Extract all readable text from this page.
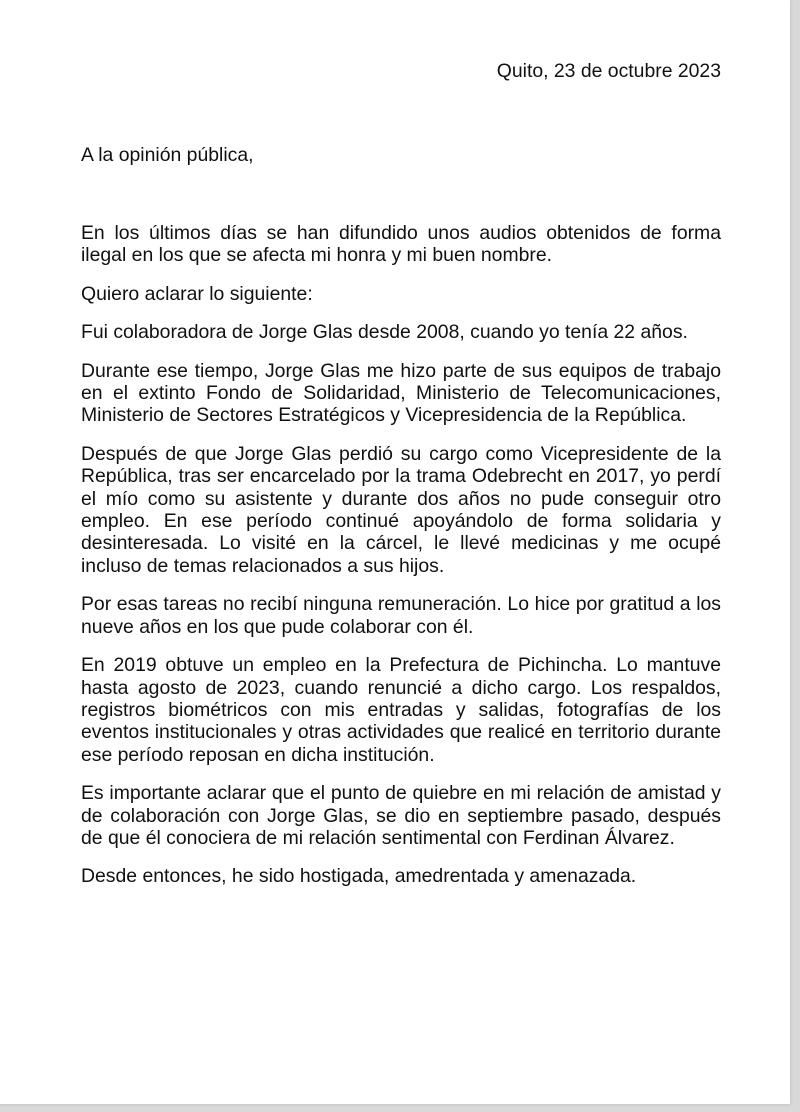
Quito, 23 de octubre 2023
A la opinión pública,

En los últimos días se han difundido unos audios obtenidos de forma ilegal en los que se afecta mi honra y mi buen nombre.

Quiero aclarar lo siguiente:

Fui colaboradora de Jorge Glas desde 2008, cuando yo tenía 22 años.

Durante ese tiempo, Jorge Glas me hizo parte de sus equipos de trabajo en el extinto Fondo de Solidaridad, Ministerio de Telecomunicaciones, Ministerio de Sectores Estratégicos y Vicepresidencia de la República.

Después de que Jorge Glas perdió su cargo como Vicepresidente de la República, tras ser encarcelado por la trama Odebrecht en 2017, yo perdí el mío como su asistente y durante dos años no pude conseguir otro empleo. En ese período continué apoyándolo de forma solidaria y desinteresada. Lo visité en la cárcel, le llevé medicinas y me ocupé incluso de temas relacionados a sus hijos.

Por esas tareas no recibí ninguna remuneración. Lo hice por gratitud a los nueve años en los que pude colaborar con él.

En 2019 obtuve un empleo en la Prefectura de Pichincha. Lo mantuve hasta agosto de 2023, cuando renuncié a dicho cargo. Los respaldos, registros biométricos con mis entradas y salidas, fotografías de los eventos institucionales y otras actividades que realicé en territorio durante ese período reposan en dicha institución.

Es importante aclarar que el punto de quiebre en mi relación de amistad y de colaboración con Jorge Glas, se dio en septiembre pasado, después de que él conociera de mi relación sentimental con Ferdinan Álvarez.

Desde entonces, he sido hostigada, amedrentada y amenazada.
